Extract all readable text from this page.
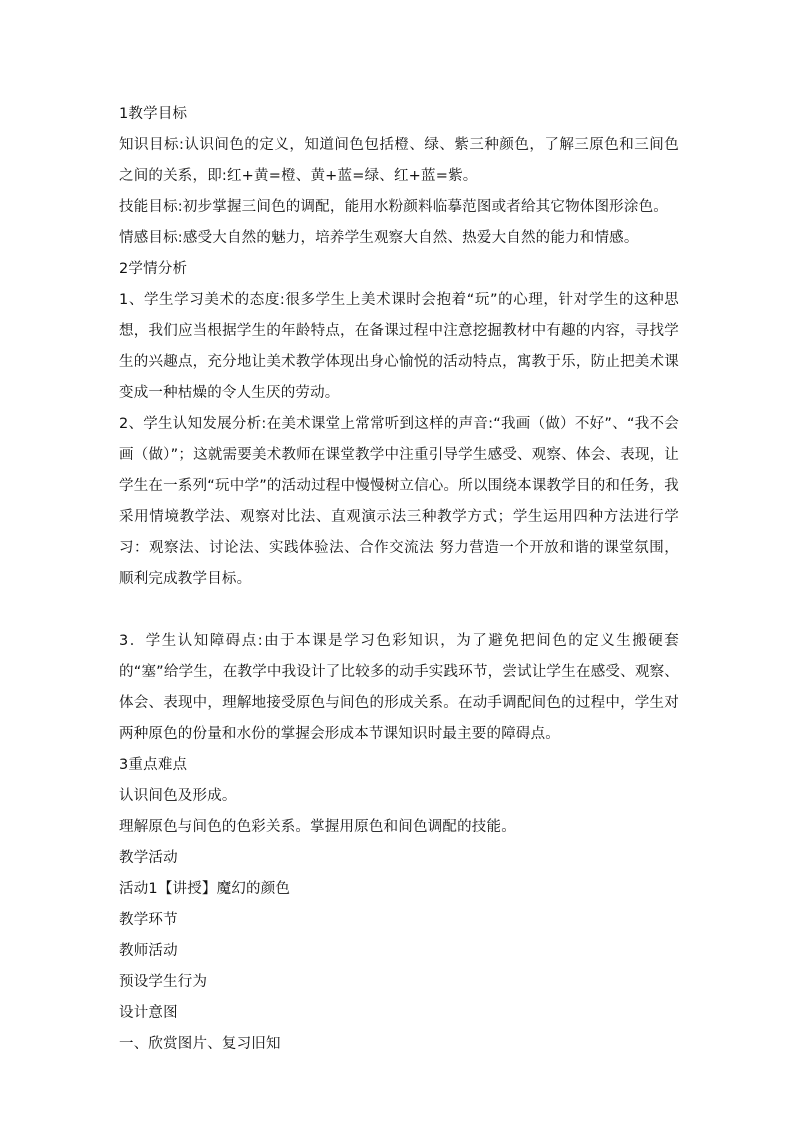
1教学目标

知识目标:认识间色的定义，知道间色包括橙、绿、紫三种颜色，了解三原色和三间色之间的关系，即:红+黄=橙、黄+蓝=绿、红+蓝=紫。

技能目标:初步掌握三间色的调配，能用水粉颜料临摹范图或者给其它物体图形涂色。

情感目标:感受大自然的魅力，培养学生观察大自然、热爱大自然的能力和情感。

2学情分析

1、学生学习美术的态度:很多学生上美术课时会抱着“玩”的心理，针对学生的这种思想，我们应当根据学生的年龄特点，在备课过程中注意挖掘教材中有趣的内容，寻找学生的兴趣点，充分地让美术教学体现出身心愉悦的活动特点，寓教于乐，防止把美术课变成一种枯燥的令人生厌的劳动。

2、学生认知发展分析:在美术课堂上常常听到这样的声音:“我画（做）不好”、“我不会画（做）”；这就需要美术教师在课堂教学中注重引导学生感受、观察、体会、表现，让学生在一系列“玩中学”的活动过程中慢慢树立信心。所以围绕本课教学目的和任务，我采用情境教学法、观察对比法、直观演示法三种教学方式；学生运用四种方法进行学习：观察法、讨论法、实践体验法、合作交流法 努力营造一个开放和谐的课堂氛围，顺利完成教学目标。

3．学生认知障碍点:由于本课是学习色彩知识，为了避免把间色的定义生搬硬套的“塞”给学生，在教学中我设计了比较多的动手实践环节，尝试让学生在感受、观察、体会、表现中，理解地接受原色与间色的形成关系。在动手调配间色的过程中，学生对两种原色的份量和水份的掌握会形成本节课知识时最主要的障碍点。

3重点难点

认识间色及形成。

理解原色与间色的色彩关系。掌握用原色和间色调配的技能。

教学活动

活动1【讲授】魔幻的颜色

教学环节

教师活动

预设学生行为

设计意图

一、欣赏图片、复习旧知
